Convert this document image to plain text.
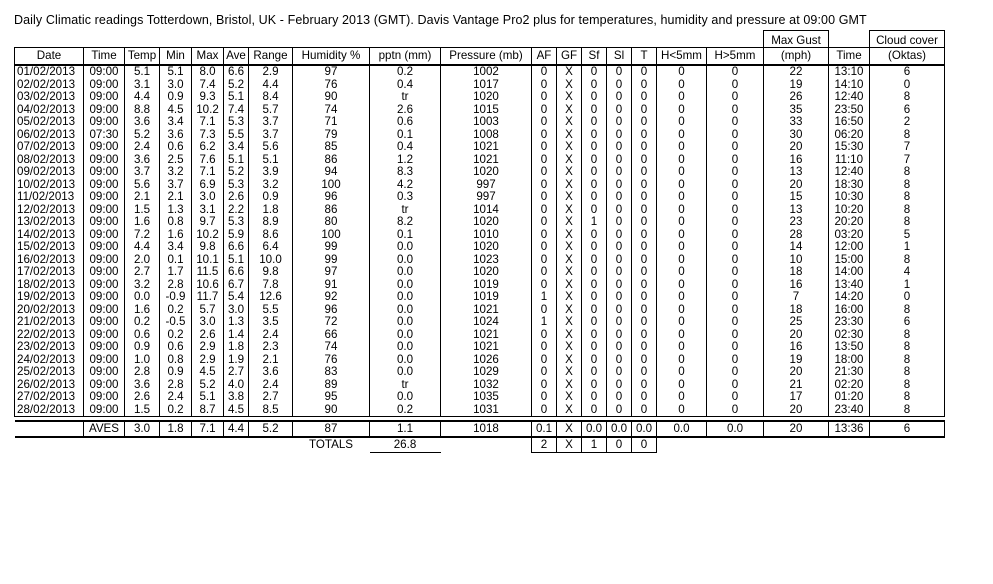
Daily Climatic readings Totterdown, Bristol, UK - February 2013 (GMT). Davis Vantage Pro2 plus for temperatures, humidity and pressure at 09:00 GMT
																	Max Gust		Cloud cover
Date	Time	Temp	Min	Max	Ave	Range	Humidity %	pptn (mm)	Pressure (mb)	AF	GF	Sf	Sl	T	H<5mm	H>5mm	(mph)	Time	(Oktas)
01/02/2013	09:00	5.1	5.1	8.0	6.6	2.9	97	0.2	1002	0	X	0	0	0	0	0	22	13:10	6
02/02/2013	09:00	3.1	3.0	7.4	5.2	4.4	76	0.4	1017	0	X	0	0	0	0	0	19	14:10	0
03/02/2013	09:00	4.4	0.9	9.3	5.1	8.4	90	tr	1020	0	X	0	0	0	0	0	26	12:40	8
04/02/2013	09:00	8.8	4.5	10.2	7.4	5.7	74	2.6	1015	0	X	0	0	0	0	0	35	23:50	6
05/02/2013	09:00	3.6	3.4	7.1	5.3	3.7	71	0.6	1003	0	X	0	0	0	0	0	33	16:50	2
06/02/2013	07:30	5.2	3.6	7.3	5.5	3.7	79	0.1	1008	0	X	0	0	0	0	0	30	06:20	8
07/02/2013	09:00	2.4	0.6	6.2	3.4	5.6	85	0.4	1021	0	X	0	0	0	0	0	20	15:30	7
08/02/2013	09:00	3.6	2.5	7.6	5.1	5.1	86	1.2	1021	0	X	0	0	0	0	0	16	11:10	7
09/02/2013	09:00	3.7	3.2	7.1	5.2	3.9	94	8.3	1020	0	X	0	0	0	0	0	13	12:40	8
10/02/2013	09:00	5.6	3.7	6.9	5.3	3.2	100	4.2	997	0	X	0	0	0	0	0	20	18:30	8
11/02/2013	09:00	2.1	2.1	3.0	2.6	0.9	96	0.3	997	0	X	0	0	0	0	0	15	10:30	8
12/02/2013	09:00	1.5	1.3	3.1	2.2	1.8	86	tr	1014	0	X	0	0	0	0	0	13	10:20	8
13/02/2013	09:00	1.6	0.8	9.7	5.3	8.9	80	8.2	1020	0	X	1	0	0	0	0	23	20:20	8
14/02/2013	09:00	7.2	1.6	10.2	5.9	8.6	100	0.1	1010	0	X	0	0	0	0	0	28	03:20	5
15/02/2013	09:00	4.4	3.4	9.8	6.6	6.4	99	0.0	1020	0	X	0	0	0	0	0	14	12:00	1
16/02/2013	09:00	2.0	0.1	10.1	5.1	10.0	99	0.0	1023	0	X	0	0	0	0	0	10	15:00	8
17/02/2013	09:00	2.7	1.7	11.5	6.6	9.8	97	0.0	1020	0	X	0	0	0	0	0	18	14:00	4
18/02/2013	09:00	3.2	2.8	10.6	6.7	7.8	91	0.0	1019	0	X	0	0	0	0	0	16	13:40	1
19/02/2013	09:00	0.0	-0.9	11.7	5.4	12.6	92	0.0	1019	1	X	0	0	0	0	0	7	14:20	0
20/02/2013	09:00	1.6	0.2	5.7	3.0	5.5	96	0.0	1021	0	X	0	0	0	0	0	18	16:00	8
21/02/2013	09:00	0.2	-0.5	3.0	1.3	3.5	72	0.0	1024	1	X	0	0	0	0	0	25	23:30	6
22/02/2013	09:00	0.6	0.2	2.6	1.4	2.4	66	0.0	1021	0	X	0	0	0	0	0	20	02:30	8
23/02/2013	09:00	0.9	0.6	2.9	1.8	2.3	74	0.0	1021	0	X	0	0	0	0	0	16	13:50	8
24/02/2013	09:00	1.0	0.8	2.9	1.9	2.1	76	0.0	1026	0	X	0	0	0	0	0	19	18:00	8
25/02/2013	09:00	2.8	0.9	4.5	2.7	3.6	83	0.0	1029	0	X	0	0	0	0	0	20	21:30	8
26/02/2013	09:00	3.6	2.8	5.2	4.0	2.4	89	tr	1032	0	X	0	0	0	0	0	21	02:20	8
27/02/2013	09:00	2.6	2.4	5.1	3.8	2.7	95	0.0	1035	0	X	0	0	0	0	0	17	01:20	8
28/02/2013	09:00	1.5	0.2	8.7	4.5	8.5	90	0.2	1031	0	X	0	0	0	0	0	20	23:40	8

	AVES	3.0	1.8	7.1	4.4	5.2	87	1.1	1018	0.1	X	0.0	0.0	0.0	0.0	0.0	20	13:36	6
							TOTALS	26.8		2	X	1	0	0					
